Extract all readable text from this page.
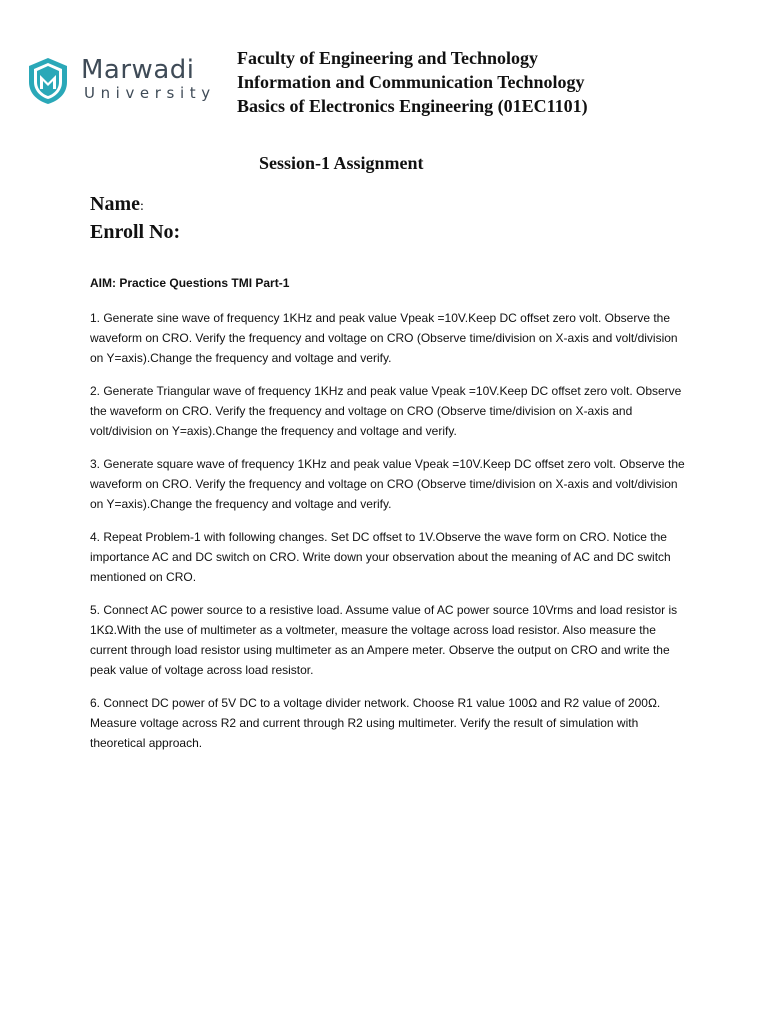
Marwadi
University
Faculty of Engineering and Technology
Information and Communication Technology
Basics of Electronics Engineering (01EC1101)
Session-1 Assignment
Name:
Enroll No:
AIM: Practice Questions TMI Part-1

1. Generate sine wave of frequency 1KHz and peak value Vpeak =10V.Keep DC offset zero volt. Observe the waveform on CRO. Verify the frequency and voltage on CRO (Observe time/division on X-axis and volt/division on Y=axis).Change the frequency and voltage and verify.

2. Generate Triangular wave of frequency 1KHz and peak value Vpeak =10V.Keep DC offset zero volt. Observe the waveform on CRO. Verify the frequency and voltage on CRO (Observe time/division on X-axis and volt/division on Y=axis).Change the frequency and voltage and verify.

3. Generate square wave of frequency 1KHz and peak value Vpeak =10V.Keep DC offset zero volt. Observe the waveform on CRO. Verify the frequency and voltage on CRO (Observe time/division on X-axis and volt/division on Y=axis).Change the frequency and voltage and verify.

4. Repeat Problem-1 with following changes. Set DC offset to 1V.Observe the wave form on CRO. Notice the importance AC and DC switch on CRO. Write down your observation about the meaning of AC and DC switch mentioned on CRO.

5. Connect AC power source to a resistive load. Assume value of AC power source 10Vrms and load resistor is 1KΩ.With the use of multimeter as a voltmeter, measure the voltage across load resistor. Also measure the current through load resistor using multimeter as an Ampere meter. Observe the output on CRO and write the peak value of voltage across load resistor.

6. Connect DC power of 5V DC to a voltage divider network. Choose R1 value 100Ω and R2 value of 200Ω. Measure voltage across R2 and current through R2 using multimeter. Verify the result of simulation with theoretical approach.
